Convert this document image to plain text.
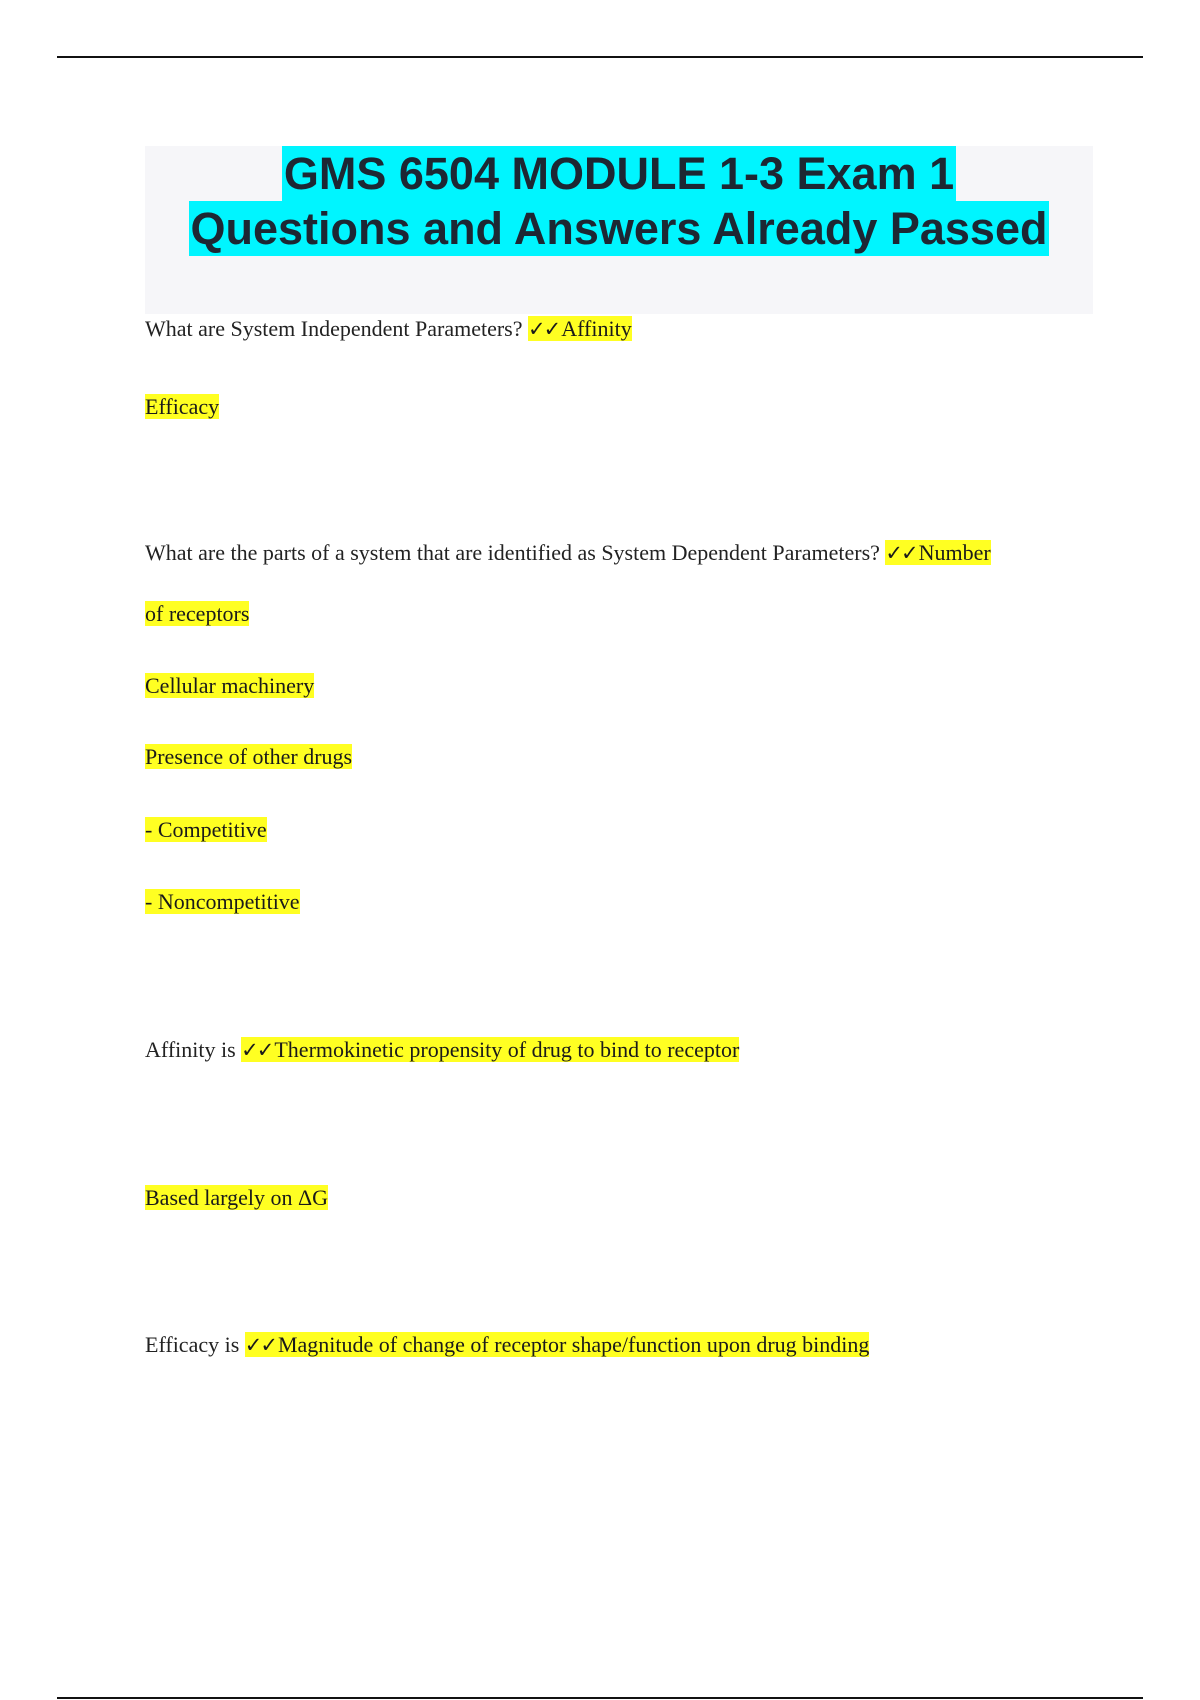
GMS 6504 MODULE 1-3 Exam 1
Questions and Answers Already Passed
What are System Independent Parameters? ✓✓Affinity
Efficacy
What are the parts of a system that are identified as System Dependent Parameters? ✓✓Number
of receptors
Cellular machinery
Presence of other drugs
- Competitive
- Noncompetitive
Affinity is ✓✓Thermokinetic propensity of drug to bind to receptor
Based largely on ΔG
Efficacy is ✓✓Magnitude of change of receptor shape/function upon drug binding
